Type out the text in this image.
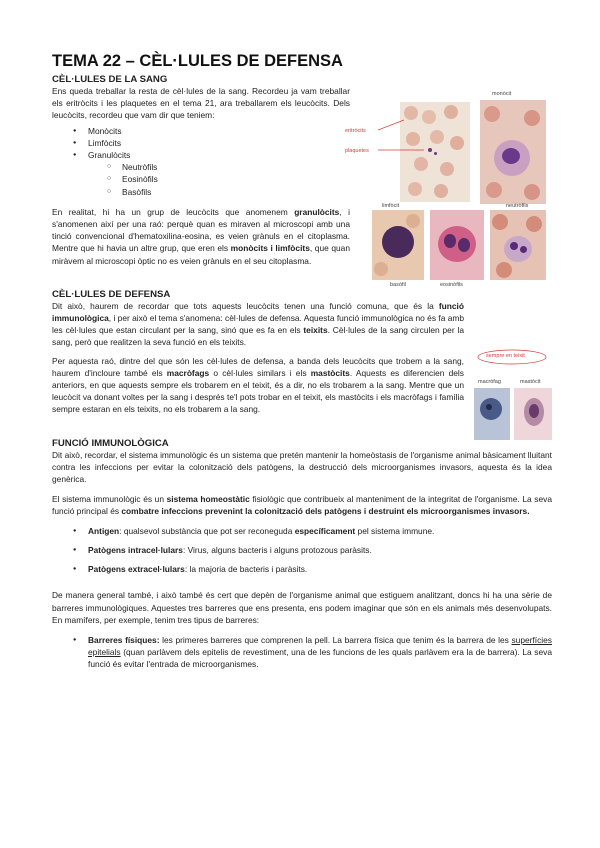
TEMA 22 – CÈL·LULES DE DEFENSA
CÈL·LULES DE LA SANG

Ens queda treballar la resta de cèl·lules de la sang. Recordeu ja vam treballar els eritròcits i les plaquetes en el tema 21, ara treballarem els leucòcits. Dels leucòcits, recordeu que vam dir que teniem:

● Monòcits
● Limfòcits
● Granulòcits
○ Neutròfils
○ Eosinòfils
○ Basòfils

En realitat, hi ha un grup de leucòcits que anomenem granulòcits, i s'anomenen així per una raó: perquè quan es miraven al microscopi amb una tinció convencional d'hematoxilina-eosina, es veien grànuls en el citoplasma. Mentre que hi havia un altre grup, que eren els monòcits i limfòcits, que quan miràvem al microscopi òptic no es veien grànuls en el seu citoplasma.

CÈL·LULES DE DEFENSA

Dit això, haurem de recordar que tots aquests leucòcits tenen una funció comuna, que és la funció immunològica, i per això el tema s'anomena: cèl·lules de defensa. Aquesta funció immunològica no és fa amb les cèl·lules que estan circulant per la sang, sinó que es fa en els teixits. Cèl·lules de la sang circulen per la sang, però que realitzen la seva funció en els teixits.

Per aquesta raó, dintre del que són les cèl·lules de defensa, a banda dels leucòcits que trobem a la sang, haurem d'incloure també els macròfags o cèl·lules similars i els mastòcits. Aquests es diferencien dels anteriors, en que aquests sempre els trobarem en el teixit, és a dir, no els trobarem a la sang. Mentre que un leucòcit va donant voltes per la sang i després te'l pots trobar en el teixit, els mastòcits i els macròfags i família sempre estaran en els teixits, no els trobarem a la sang.

FUNCIÓ IMMUNOLÒGICA

Dit això, recordar, el sistema immunològic és un sistema que pretén mantenir la homeòstasis de l'organisme animal bàsicament lluitant contra les infeccions per evitar la colonització dels patògens, la destrucció dels microorganismes invasors, aquesta és la idea genèrica.

El sistema immunològic és un sistema homeostàtic fisiològic que contribueix al manteniment de la integritat de l'organisme. La seva funció principal és combatre infeccions prevenint la colonització dels patògens i destruint els microorganismes invasors.

● Antigen: qualsevol substància que pot ser reconeguda específicament pel sistema immune.
● Patògens intracel·lulars: Virus, alguns bacteris i alguns protozous paràsits.
● Patògens extracel·lulars: la majoria de bacteris i paràsits.

De manera general també, i això també és cert que depèn de l'organisme animal que estiguem analitzant, doncs hi ha una sèrie de barreres immunològiques. Aquestes tres barreres que ens presenta, ens podem imaginar que són en els animals més desenvolupats. En mamífers, per exemple, tenim tres tipus de barreres:

● Barreres físiques: les primeres barreres que comprenen la pell. La barrera física que tenim és la barrera de les superfícies epitelials (quan parlàvem dels epitelis de revestiment, una de les funcions de les quals parlàvem era la de barrera). La seva funció és evitar l'entrada de microorganismes.
monòcit
eritròcits
plaquetes
limfòcit	neutròfils
basòfil	eosinòfils
sempre en teixit
macròfag	mastòcit
